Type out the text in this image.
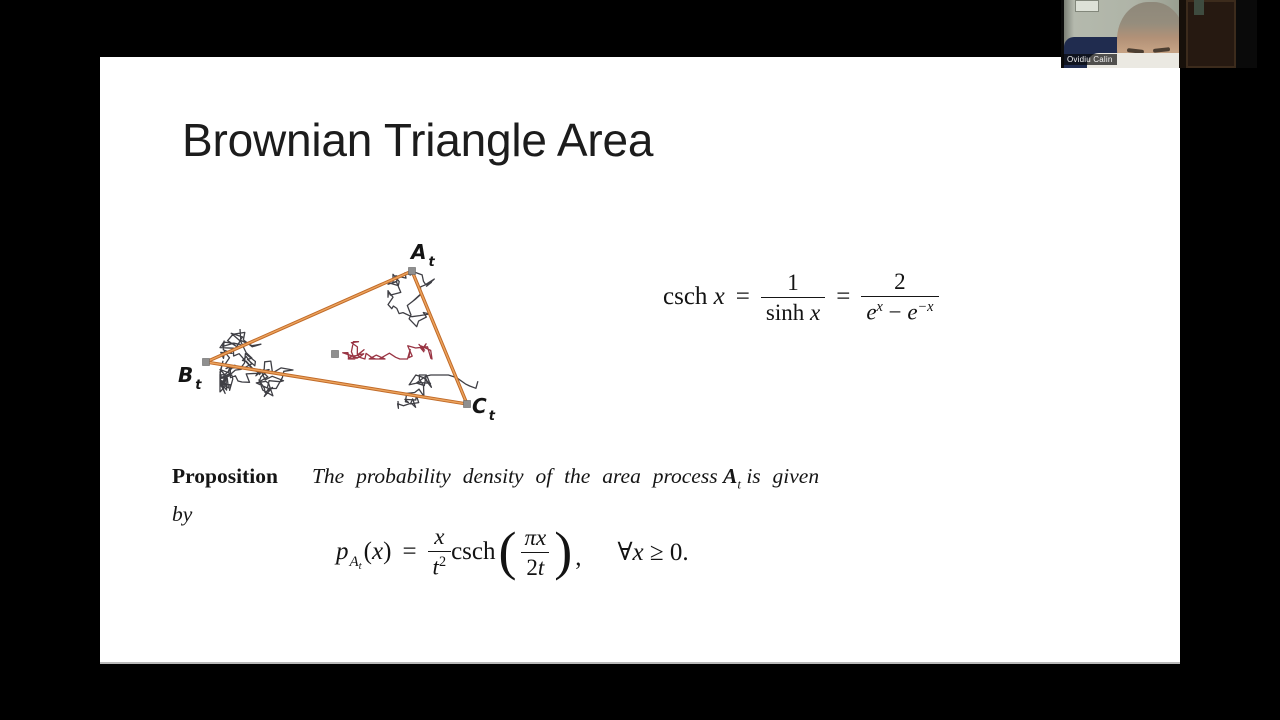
Brownian Triangle Area
A $_t$
B $_t$
C $_t$
csch
$x = \frac{1}{\text{sinh x}} = \frac{2}{e^x - e^{-x}}$
Proposition The probability density of the area process $A_t$ is given
by
$p_{A_t}(x) = \frac{x}{t^2}$ csch ( $\frac{\pi x}{2t}$ ) , ∀x ≥ 0.
Ovidiu Calin
